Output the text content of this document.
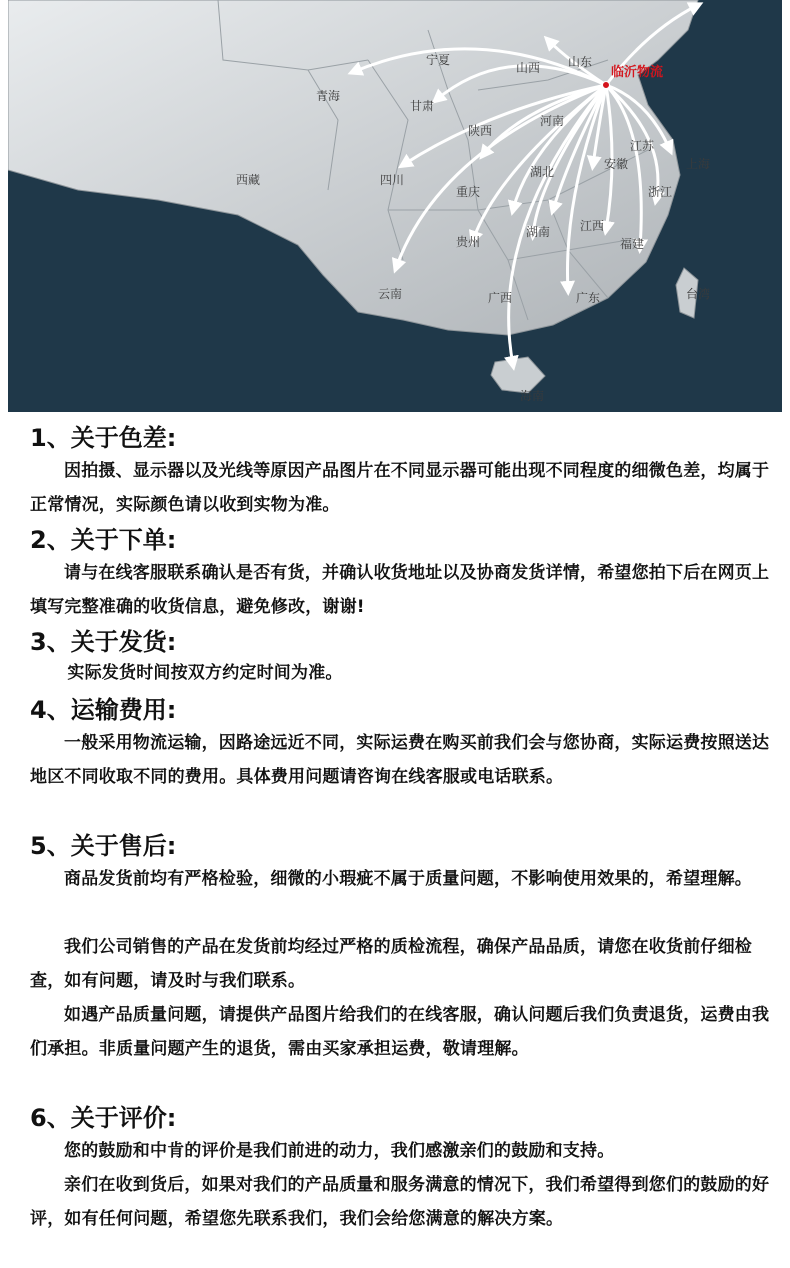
宁夏
山西 山东
青海
甘肃
西藏
陕西
河南
江苏
四川
重庆
湖北
安徽	上海
浙江
江西
湖南
贵州	福建
云南	广西	广东	台湾
海南
临沂物流
1、关于色差:
因拍摄、显示器以及光线等原因产品图片在不同显示器可能出现不同程度的细微色差，均属于正常情况，实际颜色请以收到实物为准。
2、关于下单:
请与在线客服联系确认是否有货，并确认收货地址以及协商发货详情，希望您拍下后在网页上填写完整准确的收货信息，避免修改，谢谢!
3、关于发货:
实际发货时间按双方约定时间为准。
4、运输费用:
一般采用物流运输，因路途远近不同，实际运费在购买前我们会与您协商，实际运费按照送达地区不同收取不同的费用。具体费用问题请咨询在线客服或电话联系。
5、关于售后:
商品发货前均有严格检验，细微的小瑕疵不属于质量问题，不影响使用效果的，希望理解。
我们公司销售的产品在发货前均经过严格的质检流程，确保产品品质，请您在收货前仔细检查，如有问题，请及时与我们联系。
如遇产品质量问题，请提供产品图片给我们的在线客服，确认问题后我们负责退货，运费由我们承担。非质量问题产生的退货，需由买家承担运费，敬请理解。
6、关于评价:
您的鼓励和中肯的评价是我们前进的动力，我们感激亲们的鼓励和支持。
亲们在收到货后，如果对我们的产品质量和服务满意的情况下，我们希望得到您们的鼓励的好评，如有任何问题，希望您先联系我们，我们会给您满意的解决方案。
